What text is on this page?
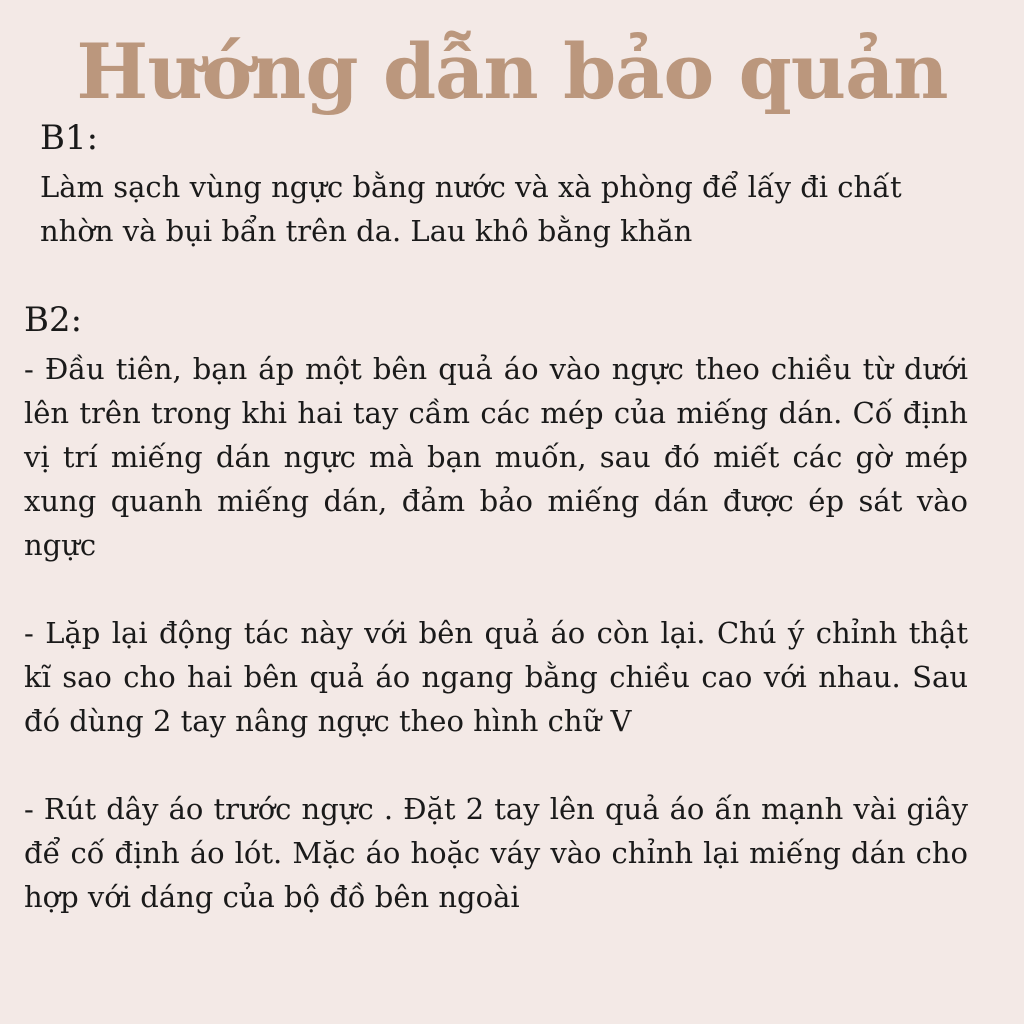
Hướng dẫn bảo quản
B1:

Làm sạch vùng ngực bằng nước và xà phòng để lấy đi chất nhờn và bụi bẩn trên da. Lau khô bằng khăn

B2:

- Đầu tiên, bạn áp một bên quả áo vào ngực theo chiều từ dưới lên trên trong khi hai tay cầm các mép của miếng dán. Cố định vị trí miếng dán ngực mà bạn muốn, sau đó miết các gờ mép xung quanh miếng dán, đảm bảo miếng dán được ép sát vào ngực

- Lặp lại động tác này với bên quả áo còn lại. Chú ý chỉnh thật kĩ sao cho hai bên quả áo ngang bằng chiều cao với nhau. Sau đó dùng 2 tay nâng ngực theo hình chữ V

- Rút dây áo trước ngực . Đặt 2 tay lên quả áo ấn mạnh vài giây để cố định áo lót. Mặc áo hoặc váy vào chỉnh lại miếng dán cho hợp với dáng của bộ đồ bên ngoài
